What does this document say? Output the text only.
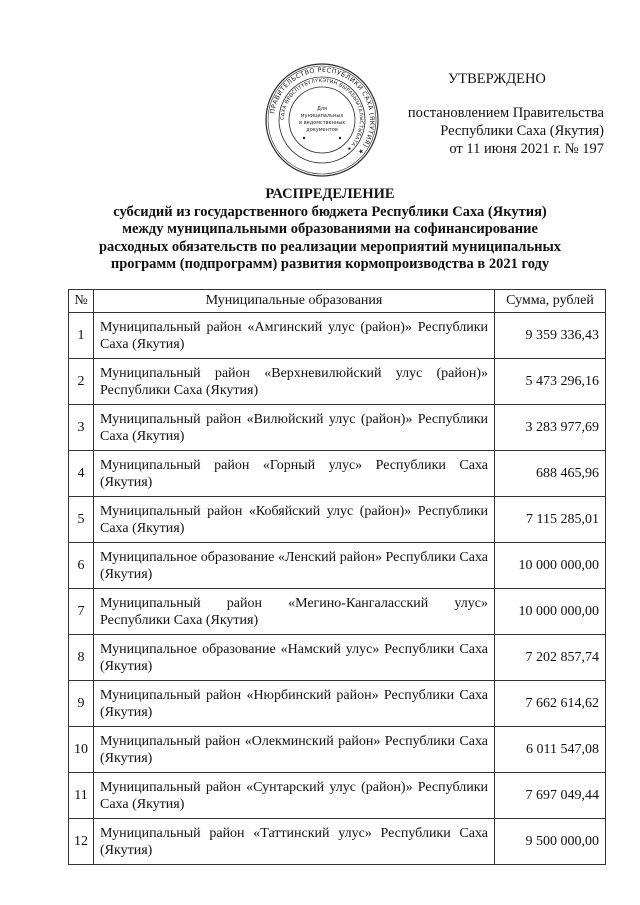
ПРАВИТЕЛЬСТВО РЕСПУБЛИКИ САХА (ЯКУТИЯ) ★
САХА ӨРӨСПҮҮБҮЛҮКЭТИН БЫРАБЫЫТАЛЫСТЫБАТА ★
Для
муниципальных
и ведомственных
документов
УТВЕРЖДЕНО
постановлением Правительства
Республики Саха (Якутия)
от 11 июня 2021 г. № 197
РАСПРЕДЕЛЕНИЕ
субсидий из государственного бюджета Республики Саха (Якутия)
между муниципальными образованиями на софинансирование
расходных обязательств по реализации мероприятий муниципальных
программ (подпрограмм) развития кормопроизводства в 2021 году
№	Муниципальные образования	Сумма, рублей
1	Муниципальный район «Амгинский улус (район)» Республики Саха (Якутия)	9 359 336,43
2	Муниципальный район «Верхневилюйский улус (район)» Республики Саха (Якутия)	5 473 296,16
3	Муниципальный район «Вилюйский улус (район)» Республики Саха (Якутия)	3 283 977,69
4	Муниципальный район «Горный улус» Республики Саха (Якутия)	688 465,96
5	Муниципальный район «Кобяйский улус (район)» Республики Саха (Якутия)	7 115 285,01
6	Муниципальное образование «Ленский район» Республики Саха (Якутия)	10 000 000,00
7	Муниципальный район «Мегино-Кангаласский улус» Республики Саха (Якутия)	10 000 000,00
8	Муниципальное образование «Намский улус» Республики Саха (Якутия)	7 202 857,74
9	Муниципальный район «Нюрбинский район» Республики Саха (Якутия)	7 662 614,62
10	Муниципальный район «Олекминский район» Республики Саха (Якутия)	6 011 547,08
11	Муниципальный район «Сунтарский улус (район)» Республики Саха (Якутия)	7 697 049,44
12	Муниципальный район «Таттинский улус» Республики Саха (Якутия)	9 500 000,00
